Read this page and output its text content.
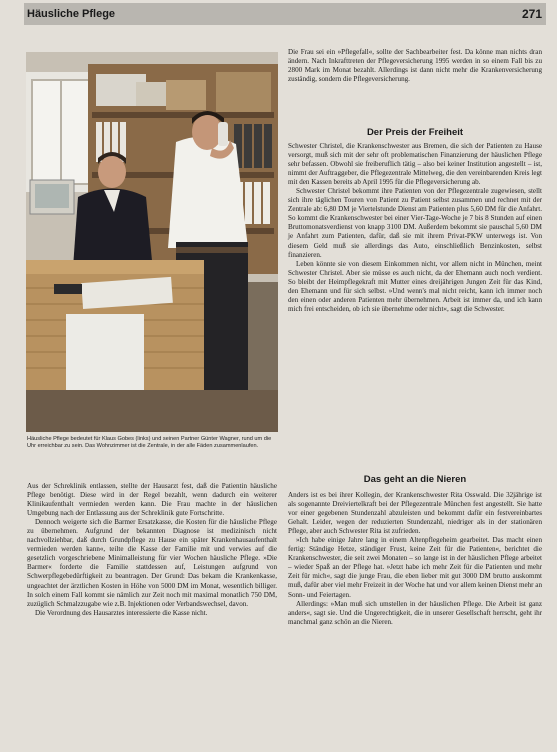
Häusliche Pflege	271
Häusliche Pflege bedeutet für Klaus Gobes (links) und seinen Partner Günter Wagner, rund um die Uhr erreichbar zu sein. Das Wohnzimmer ist die Zentrale, in der alle Fäden zusammenlaufen.

Aus der Schreklinik entlassen, stellte der Hausarzt fest, daß die Patientin häusliche Pflege benötigt. Diese wird in der Regel bezahlt, wenn dadurch ein weiterer Klinikaufenthalt vermieden werden kann. Die Frau machte in der häuslichen Umgebung nach der Entlassung aus der Schreklinik gute Fortschritte.

Dennoch weigerte sich die Barmer Ersatzkasse, die Kosten für die häusliche Pflege zu übernehmen. Aufgrund der bekannten Diagnose ist medizinisch nicht nachvollziehbar, daß durch Grundpflege zu Hause ein später Krankenhausaufenthalt vermieden werden kann«, teilte die Kasse der Familie mit und verwies auf die gesetzlich vorgeschriebene Minimalleistung für vier Wochen häusliche Pflege. »Die Barmer« forderte die Familie stattdessen auf, Leistungen aufgrund von Schwerpflegebedürftigkeit zu beantragen. Der Grund: Das bekam die Krankenkasse, ungeachtet der ärztlichen Kosten in Höhe von 5000 DM im Monat, wesentlich billiger. In solch einem Fall kommt sie nämlich zur Zeit noch mit maximal monatlich 750 DM, zuzüglich Schmalzzugabe wie z.B. Injektionen oder Verbandswechsel, davon.

Die Verordnung des Hausarztes interessierte die Kasse nicht.

Die Frau sei ein »Pflegefall«, sollte der Sachbearbeiter fest. Da könne man nichts dran ändern. Nach Inkrafttreten der Pflegeversicherung 1995 werden in so einem Fall bis zu 2800 Mark im Monat bezahlt. Allerdings ist dann nicht mehr die Krankenversicherung zuständig, sondern die Pflegeversicherung.

Der Preis der Freiheit

Schwester Christel, die Krankenschwester aus Bremen, die sich der Patienten zu Hause versorgt, muß sich mit der sehr oft problematischen Finanzierung der häuslichen Pflege sehr befassen. Obwohl sie freiberuflich tätig – also bei keiner Institution angestellt – ist, nimmt der Auftraggeber, die Pflegezentrale Mittelweg, die den vereinbarenden Kreis legt mit den Kassen bereits ab April 1995 für die Pflegeversicherung ab.

Schwester Christel bekommt ihre Patienten von der Pflegezentrale zugewiesen, stellt sich ihre täglichen Touren von Patient zu Patient selbst zusammen und rechnet mit der Zentrale ab: 6,80 DM je Viertelstunde Dienst am Patienten plus 5,60 DM für die Anfahrt. So kommt die Krankenschwester bei einer Vier-Tage-Woche je 7 bis 8 Stunden auf einen Bruttomonatsverdienst von knapp 3100 DM. Außerdem bekommt sie pauschal 5,60 DM je Anfahrt zum Patienten, dafür, daß sie mit ihrem Privat-PKW unterwegs ist. Von diesem Geld muß sie allerdings das Auto, einschließlich Benzinkosten, selbst finanzieren.

Leben könnte sie von diesem Einkommen nicht, vor allem nicht in München, meint Schwester Christel. Aber sie müsse es auch nicht, da der Ehemann auch noch verdient. So bleibt der Heimpflegekraft mit Mutter eines dreijährigen Jungen Zeit für das Kind, den Ehemann und für sich selbst. »Und wenn's mal nicht reicht, kann ich immer noch den einen oder anderen Patienten mehr übernehmen. Arbeit ist immer da, und ich kann mich frei entscheiden, ob ich sie übernehme oder nicht«, sagt die Schwester.

Das geht an die Nieren

Anders ist es bei ihrer Kollegin, der Krankenschwester Rita Osswald. Die 32jährige ist als sogenannte Dreiviertelkraft bei der Pflegezentrale München fest angestellt. Sie hatte vor einer gegebenen Stundenzahl abzuleisten und bekommt dafür ein festvereinbartes Gehalt. Leider, wegen der reduzierten Stundenzahl, niedriger als in der stationären Pflege, aber auch Schwester Rita ist zufrieden.

»Ich habe einige Jahre lang in einem Altenpflegeheim gearbeitet. Das macht einen fertig: Ständige Hetze, ständiger Frust, keine Zeit für die Patienten«, berichtet die Krankenschwester, die seit zwei Monaten – so lange ist in der häuslichen Pflege arbeitet – wieder Spaß an der Pflege hat. »Jetzt habe ich mehr Zeit für die Patienten und mehr Zeit für mich«, sagt die junge Frau, die eben lieber mit gut 3000 DM brutto auskommt muß, dafür aber viel mehr Freizeit in der Woche hat und vor allem keinen Dienst mehr an Sonn- und Feiertagen.

Allerdings: »Man muß sich umstellen in der häuslichen Pflege. Die Arbeit ist ganz anders«, sagt sie. Und die Ungerechtigkeit, die in unserer Gesellschaft herrscht, geht ihr manchmal ganz schön an die Nieren.
